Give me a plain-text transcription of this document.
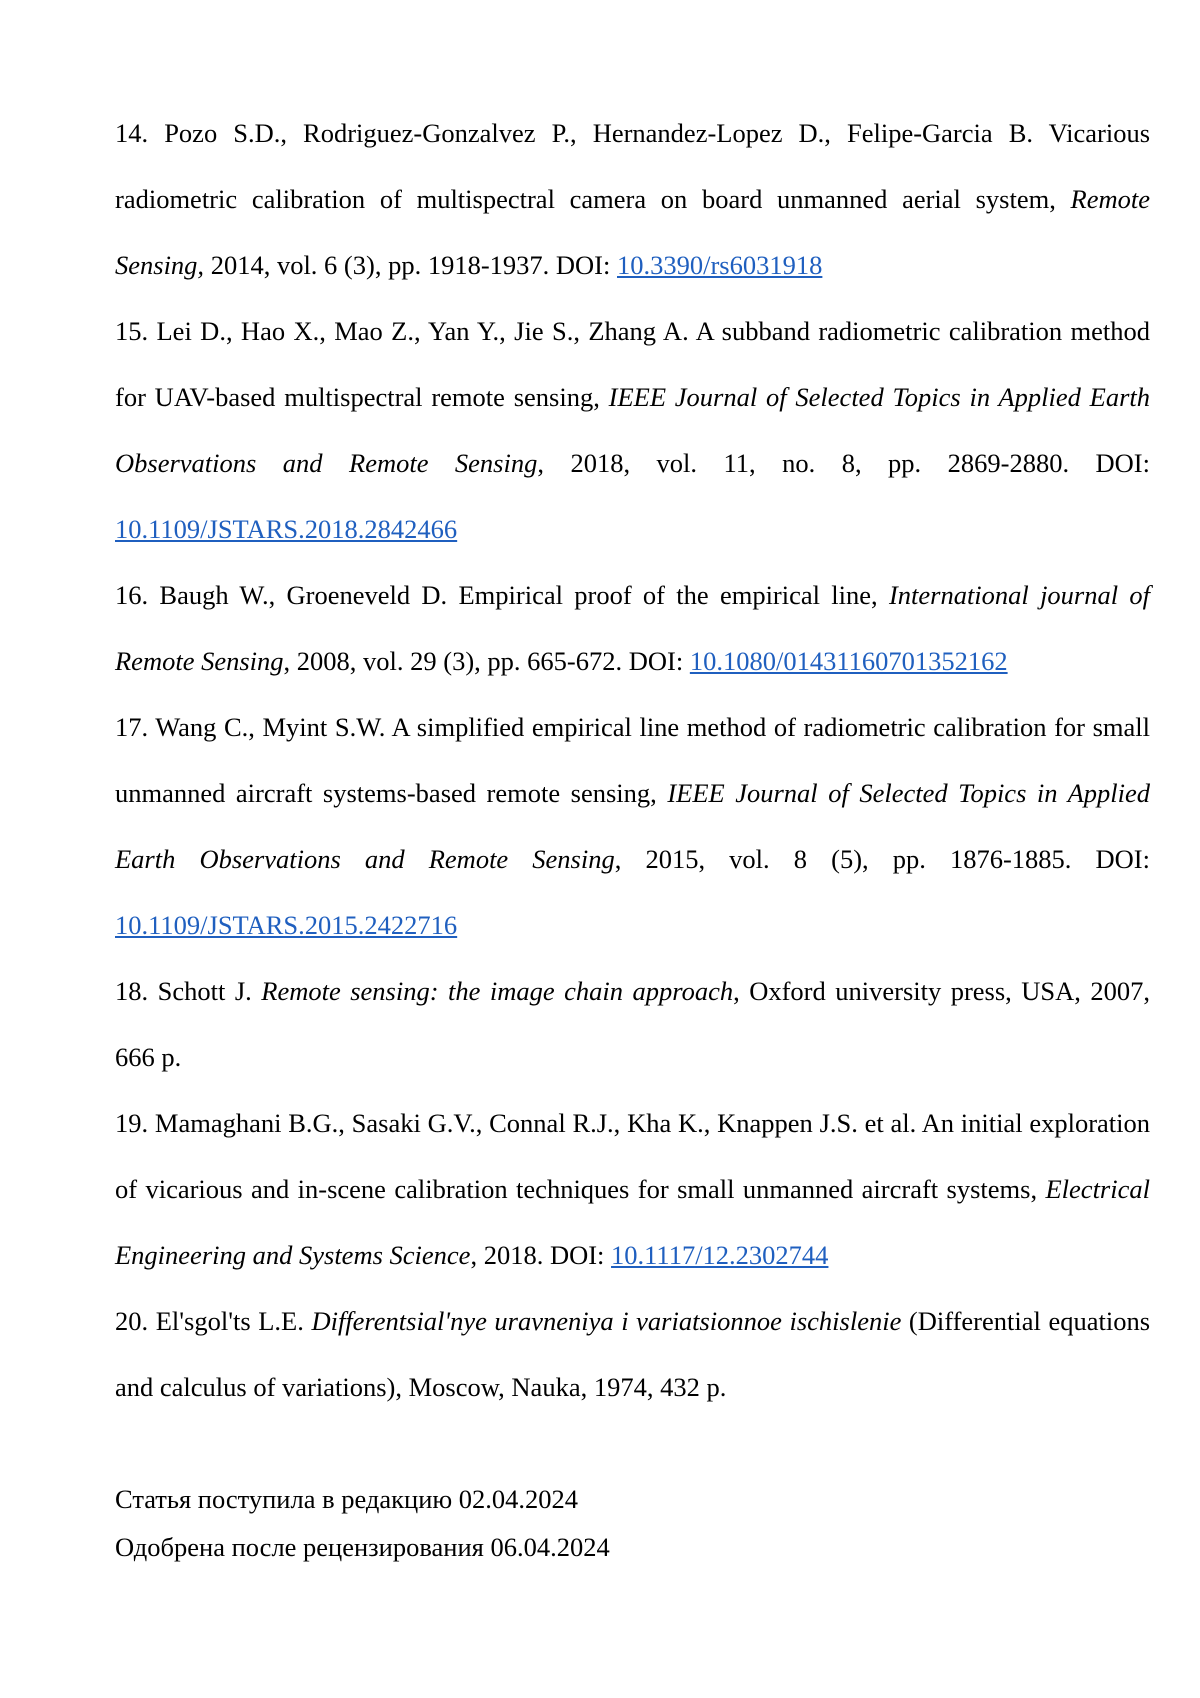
14. Pozo S.D., Rodriguez-Gonzalvez P., Hernandez-Lopez D., Felipe-Garcia B. Vicarious radiometric calibration of multispectral camera on board unmanned aerial system, Remote Sensing, 2014, vol. 6 (3), pp. 1918-1937. DOI: 10.3390/rs6031918

15. Lei D., Hao X., Mao Z., Yan Y., Jie S., Zhang A. A subband radiometric calibration method for UAV-based multispectral remote sensing, IEEE Journal of Selected Topics in Applied Earth Observations and Remote Sensing, 2018, vol. 11, no. 8, pp. 2869-2880. DOI: 10.1109/JSTARS.2018.2842466

16. Baugh W., Groeneveld D. Empirical proof of the empirical line, International journal of Remote Sensing, 2008, vol. 29 (3), pp. 665-672. DOI: 10.1080/01431160701352162

17. Wang C., Myint S.W. A simplified empirical line method of radiometric calibration for small unmanned aircraft systems-based remote sensing, IEEE Journal of Selected Topics in Applied Earth Observations and Remote Sensing, 2015, vol. 8 (5), pp. 1876-1885. DOI: 10.1109/JSTARS.2015.2422716

18. Schott J. Remote sensing: the image chain approach, Oxford university press, USA, 2007, 666 p.

19. Mamaghani B.G., Sasaki G.V., Connal R.J., Kha K., Knappen J.S. et al. An initial exploration of vicarious and in-scene calibration techniques for small unmanned aircraft systems, Electrical Engineering and Systems Science, 2018. DOI: 10.1117/12.2302744

20. El'sgol'ts L.E. Differentsial'nye uravneniya i variatsionnoe ischislenie (Differential equations and calculus of variations), Moscow, Nauka, 1974, 432 p.

Статья поступила в редакцию 02.04.2024
Одобрена после рецензирования 06.04.2024
